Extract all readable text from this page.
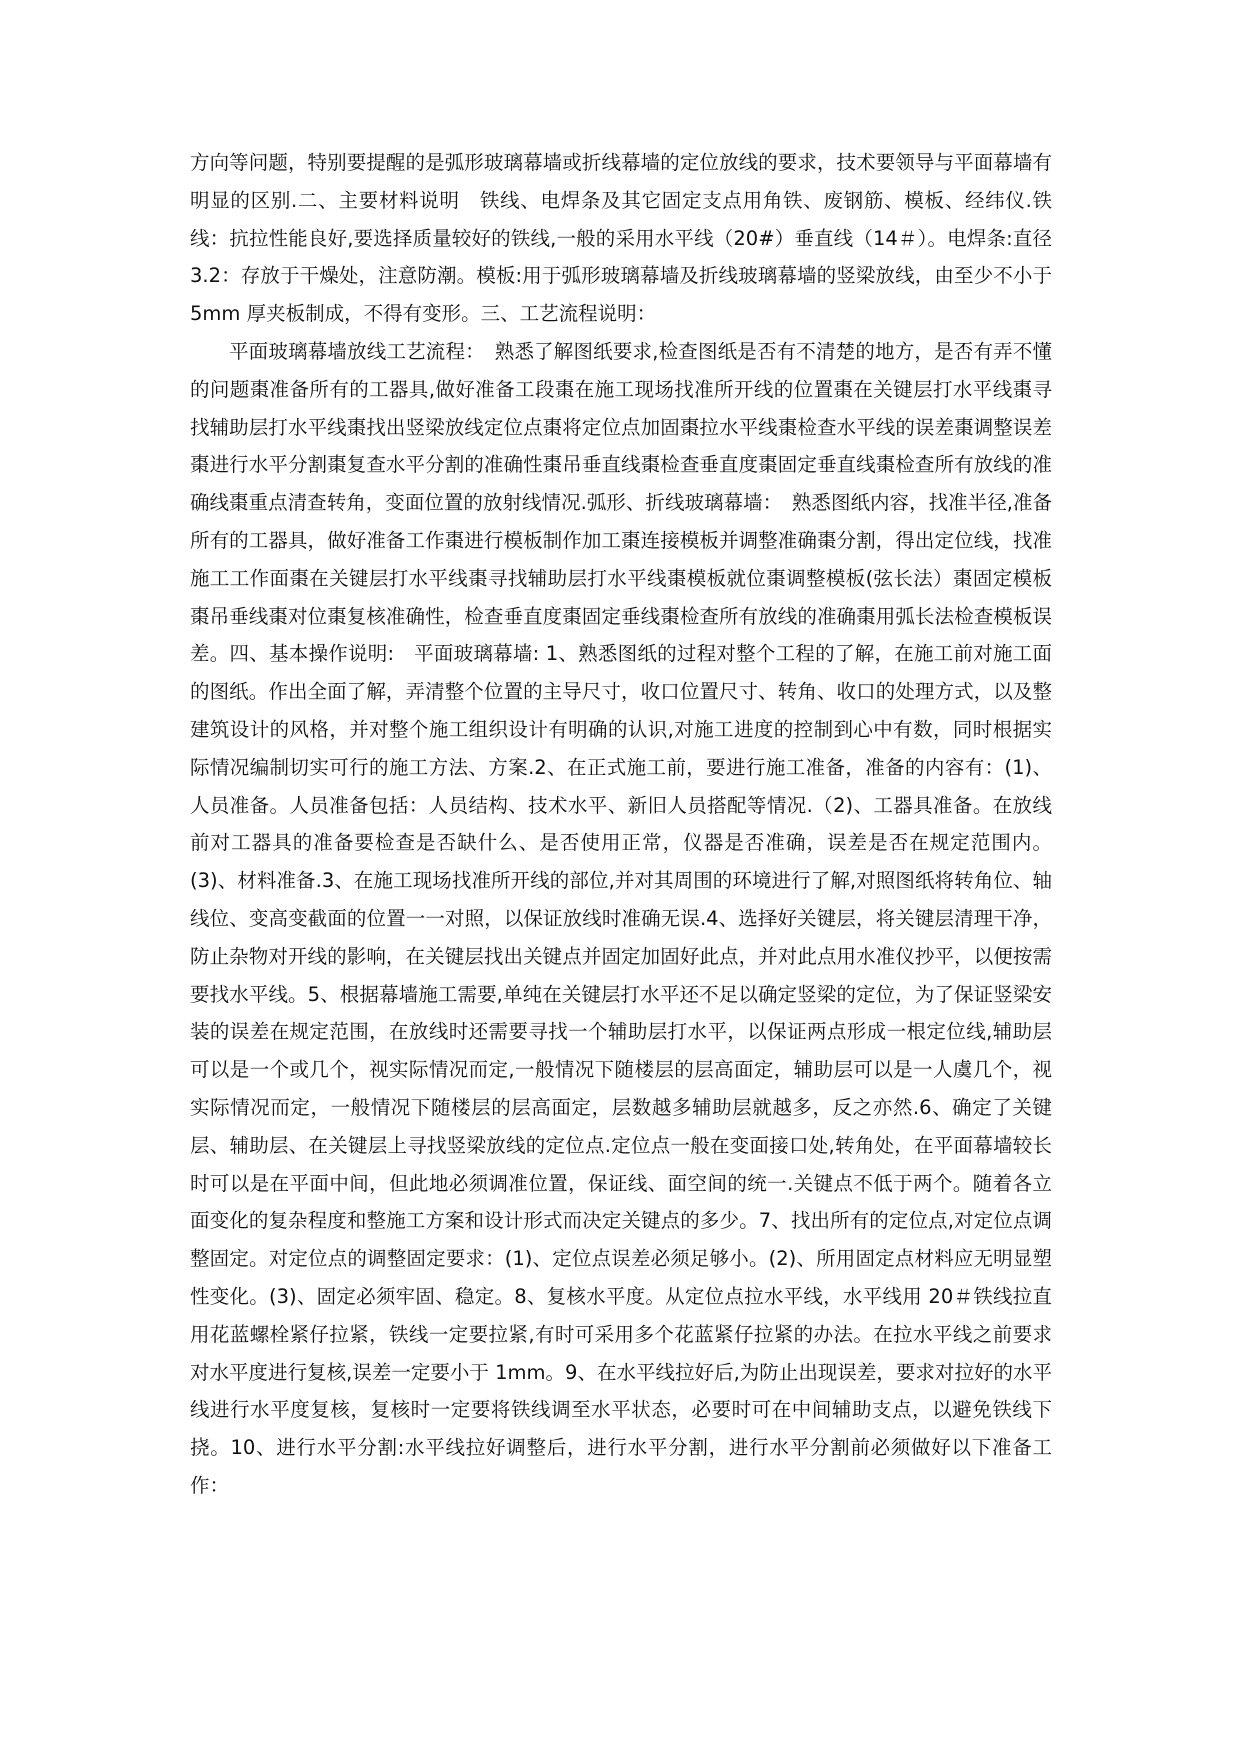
方向等问题，特别要提醒的是弧形玻璃幕墙或折线幕墙的定位放线的要求，技术要领导与平面幕墙有明显的区别.二、主要材料说明　铁线、电焊条及其它固定支点用角铁、废钢筋、模板、经纬仪.铁线：抗拉性能良好,要选择质量较好的铁线,一般的采用水平线（20#）垂直线（14＃）。电焊条:直径 3.2：存放于干燥处，注意防潮。模板:用于弧形玻璃幕墙及折线玻璃幕墙的竖梁放线，由至少不小于 5mm 厚夹板制成，不得有变形。三、工艺流程说明：

平面玻璃幕墙放线工艺流程：　熟悉了解图纸要求,检查图纸是否有不清楚的地方，是否有弄不懂的问题棗准备所有的工器具,做好准备工段棗在施工现场找准所开线的位置棗在关键层打水平线棗寻找辅助层打水平线棗找出竖梁放线定位点棗将定位点加固棗拉水平线棗检查水平线的误差棗调整误差棗进行水平分割棗复查水平分割的准确性棗吊垂直线棗检查垂直度棗固定垂直线棗检查所有放线的准确线棗重点清查转角，变面位置的放射线情况.弧形、折线玻璃幕墙：　熟悉图纸内容，找准半径,准备所有的工器具，做好准备工作棗进行模板制作加工棗连接模板并调整准确棗分割，得出定位线，找准施工工作面棗在关键层打水平线棗寻找辅助层打水平线棗模板就位棗调整模板(弦长法）棗固定模板棗吊垂线棗对位棗复核准确性，检查垂直度棗固定垂线棗检查所有放线的准确棗用弧长法检查模板误差。四、基本操作说明:　平面玻璃幕墙: 1、熟悉图纸的过程对整个工程的了解，在施工前对施工面的图纸。作出全面了解，弄清整个位置的主导尺寸，收口位置尺寸、转角、收口的处理方式，以及整建筑设计的风格，并对整个施工组织设计有明确的认识,对施工进度的控制到心中有数，同时根据实际情况编制切实可行的施工方法、方案.2、在正式施工前，要进行施工准备，准备的内容有：(1)、人员准备。人员准备包括：人员结构、技术水平、新旧人员搭配等情况.（2)、工器具准备。在放线前对工器具的准备要检查是否缺什么、是否使用正常，仪器是否准确，误差是否在规定范围内。(3)、材料准备.3、在施工现场找准所开线的部位,并对其周围的环境进行了解,对照图纸将转角位、轴线位、变高变截面的位置一一对照，以保证放线时准确无误.4、选择好关键层，将关键层清理干净，防止杂物对开线的影响，在关键层找出关键点并固定加固好此点，并对此点用水准仪抄平，以便按需要找水平线。5、根据幕墙施工需要,单纯在关键层打水平还不足以确定竖梁的定位，为了保证竖梁安装的误差在规定范围，在放线时还需要寻找一个辅助层打水平，以保证两点形成一根定位线,辅助层可以是一个或几个，视实际情况而定,一般情况下随楼层的层高面定，辅助层可以是一人虞几个，视实际情况而定，一般情况下随楼层的层高面定，层数越多辅助层就越多，反之亦然.6、确定了关键层、辅助层、在关键层上寻找竖梁放线的定位点.定位点一般在变面接口处,转角处，在平面幕墙较长时可以是在平面中间，但此地必须调准位置，保证线、面空间的统一.关键点不低于两个。随着各立面变化的复杂程度和整施工方案和设计形式而决定关键点的多少。7、找出所有的定位点,对定位点调整固定。对定位点的调整固定要求：(1)、定位点误差必须足够小。(2)、所用固定点材料应无明显塑性变化。(3)、固定必须牢固、稳定。8、复核水平度。从定位点拉水平线，水平线用 20＃铁线拉直用花蓝螺栓紧仔拉紧，铁线一定要拉紧,有时可采用多个花蓝紧仔拉紧的办法。在拉水平线之前要求对水平度进行复核,误差一定要小于 1mm。9、在水平线拉好后,为防止出现误差，要求对拉好的水平线进行水平度复核，复核时一定要将铁线调至水平状态，必要时可在中间辅助支点，以避免铁线下挠。10、进行水平分割:水平线拉好调整后，进行水平分割，进行水平分割前必须做好以下准备工作：
